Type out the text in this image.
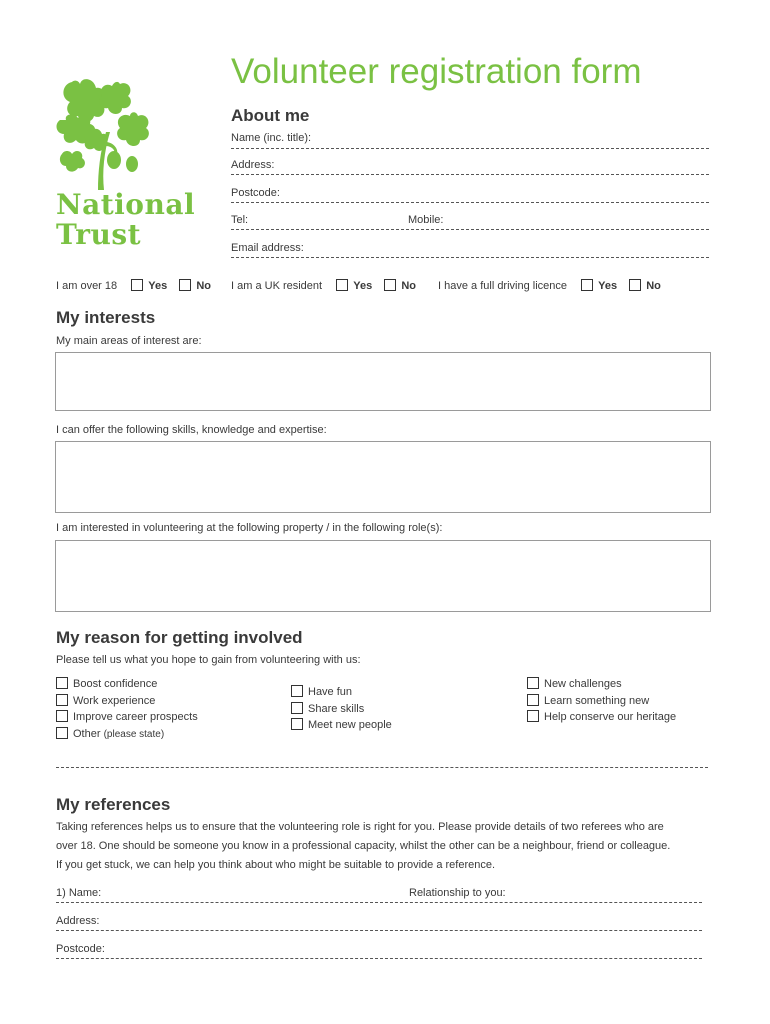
National
Trust
Volunteer registration form
About me
Name (inc. title):
Address:
Postcode:
Tel:	Mobile:
Email address:
I am over 18	Yes	No I am a UK resident	Yes	No I have a full driving licence	Yes	No
My interests
My main areas of interest are:
I can offer the following skills, knowledge and expertise:
I am interested in volunteering at the following property / in the following role(s):
My reason for getting involved
Please tell us what you hope to gain from volunteering with us:
Boost confidence
Work experience
Improve career prospects
Other (please state)
Have fun
Share skills
Meet new people
New challenges
Learn something new
Help conserve our heritage
My references
Taking references helps us to ensure that the volunteering role is right for you. Please provide details of two referees who are
over 18. One should be someone you know in a professional capacity, whilst the other can be a neighbour, friend or colleague.
If you get stuck, we can help you think about who might be suitable to provide a reference.
1) Name:	Relationship to you:
Address:
Postcode:
